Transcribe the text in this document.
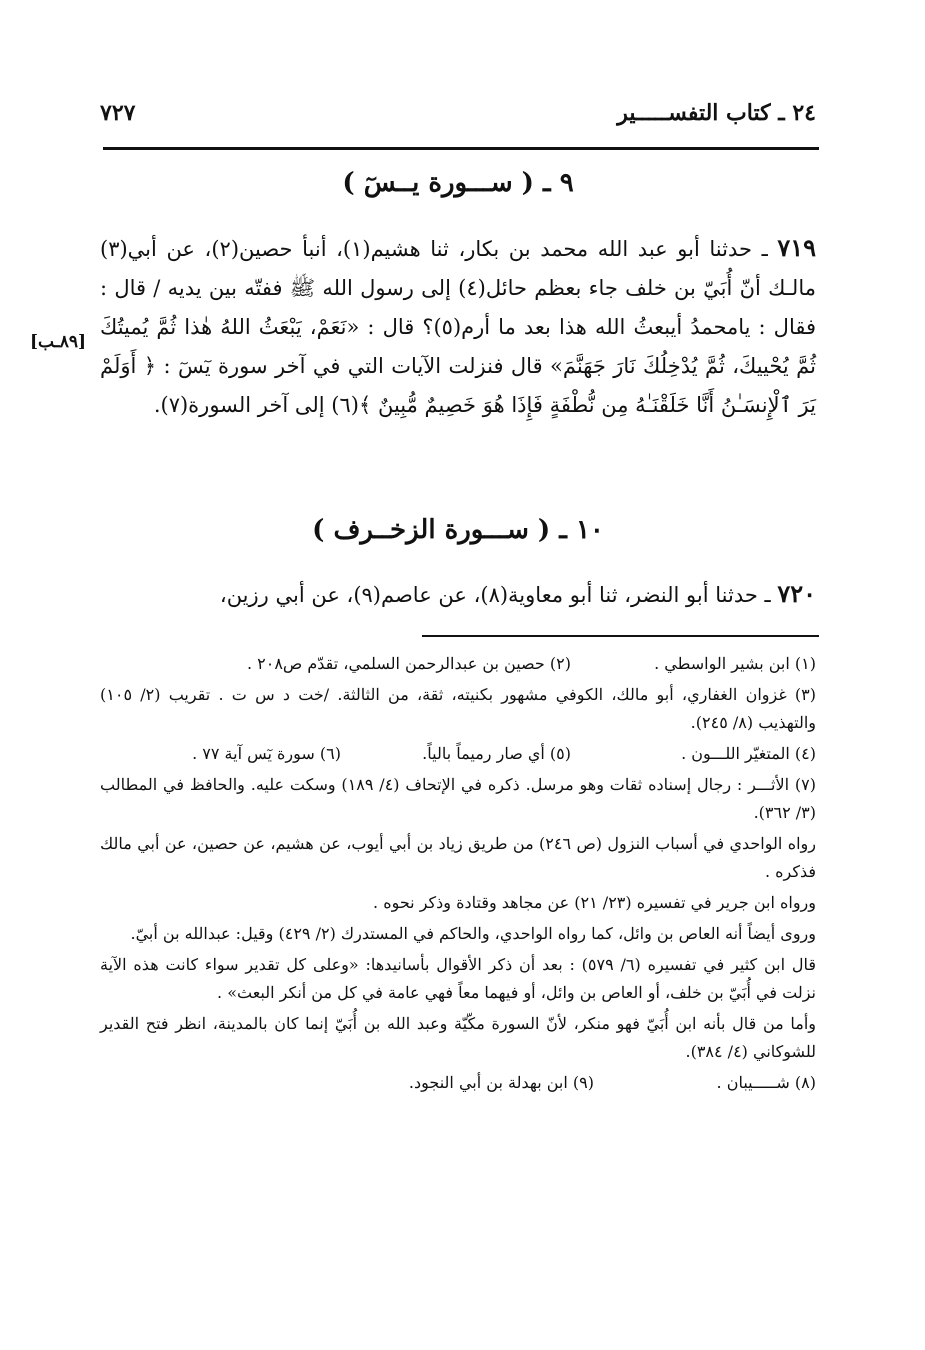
٢٤ ـ كتاب التفســـــير
٧٢٧
٩ ـ ( ســـورة يــسٓ )
٧١٩ ـ حدثنا أبو عبد الله محمد بن بكار، ثنا هشيم(١)، أنبأ حصين(٢)، عن أبي(٣) مالـك أنّ أُبَيّ بن خلف جاء بعظم حائل(٤) إلى رسول الله ﷺ ففتّه بين يديه / قال : فقال : يامحمدُ أيبعثُ الله هذا بعد ما أرم(٥)؟ قال : «نَعَمْ، يَبْعَثُ اللهُ هٰذا ثُمَّ يُميتُكَ ثُمَّ يُحْييكَ، ثُمَّ يُدْخِلُكَ نَارَ جَهَنَّمَ» قال فنزلت الآيات التي في آخر سورة يٓسٓ : ﴿ أَوَلَمْ يَرَ ٱلْإِنسَـٰنُ أَنَّا خَلَقْنَـٰهُ مِن نُّطْفَةٍ فَإِذَا هُوَ خَصِيمٌ مُّبِينٌ ﴾(٦) إلى آخر السورة(٧).
[٨٩ـب]
١٠ ـ ( ســـورة الزخــرف )
٧٢٠ ـ حدثنا أبو النضر، ثنا أبو معاوية(٨)، عن عاصم(٩)، عن أبي رزين،
(١) ابن بشير الواسطي .
(٢) حصين بن عبدالرحمن السلمي، تقدّم ص٢٠٨ .
(٣) غزوان الغفاري، أبو مالك، الكوفي مشهور بكنيته، ثقة، من الثالثة. /خت د س ت . تقريب (٢/ ١٠٥) والتهذيب (٨/ ٢٤٥).
(٤) المتغيّر اللـــون .
(٥) أي صار رميماً بالياً.
(٦) سورة يٓس آية ٧٧ .
(٧) الأثـــر : رجال إسناده ثقات وهو مرسل. ذكره في الإتحاف (٤/ ١٨٩) وسكت عليه. والحافظ في المطالب (٣/ ٣٦٢).
رواه الواحدي في أسباب النزول (ص ٢٤٦) من طريق زياد بن أبي أيوب، عن هشيم، عن حصين، عن أبي مالك فذكره .
ورواه ابن جرير في تفسيره (٢٣/ ٢١) عن مجاهد وقتادة وذكر نحوه .
وروى أيضاً أنه العاص بن وائل، كما رواه الواحدي، والحاكم في المستدرك (٢/ ٤٢٩) وقيل: عبدالله بن أبيّ.
قال ابن كثير في تفسيره (٦/ ٥٧٩) : بعد أن ذكر الأقوال بأسانيدها: «وعلى كل تقدير سواء كانت هذه الآية نزلت في أُبَيّ بن خلف، أو العاص بن وائل، أو فيهما معاً فهي عامة في كل من أنكر البعث» .
وأما من قال بأنه ابن أُبَيّ فهو منكر، لأنّ السورة مكّيّة وعبد الله بن أُبَيّ إنما كان بالمدينة، انظر فتح القدير للشوكاني (٤/ ٣٨٤).
(٨) شـــــيبان .
(٩) ابن بهدلة بن أبي النجود.
